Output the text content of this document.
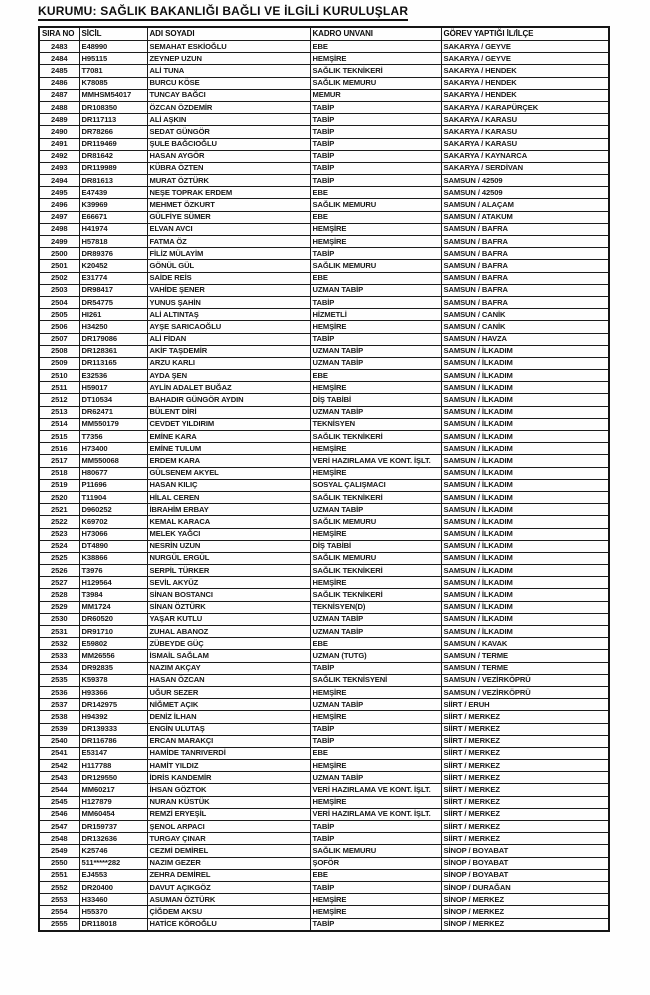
KURUMU: SAĞLIK BAKANLIĞI BAĞLI VE İLGİLİ KURULUŞLAR
SIRA NO	SİCİL	ADI SOYADI	KADRO UNVANI	GÖREV YAPTIĞI İL/İLÇE
2483	E48990	SEMAHAT ESKİOĞLU	EBE	SAKARYA / GEYVE
2484	H95115	ZEYNEP UZUN	HEMŞİRE	SAKARYA / GEYVE
2485	T7081	ALİ TUNA	SAĞLIK TEKNİKERİ	SAKARYA / HENDEK
2486	K78085	BURCU KÖSE	SAĞLIK MEMURU	SAKARYA / HENDEK
2487	MMHSM54017	TUNCAY BAĞCI	MEMUR	SAKARYA / HENDEK
2488	DR108350	ÖZCAN ÖZDEMİR	TABİP	SAKARYA / KARAPÜRÇEK
2489	DR117113	ALİ AŞKIN	TABİP	SAKARYA / KARASU
2490	DR78266	SEDAT GÜNGÖR	TABİP	SAKARYA / KARASU
2491	DR119469	ŞULE BAĞCIOĞLU	TABİP	SAKARYA / KARASU
2492	DR81642	HASAN AYGÖR	TABİP	SAKARYA / KAYNARCA
2493	DR119989	KÜBRA ÖZTEN	TABİP	SAKARYA / SERDİVAN
2494	DR81613	MURAT ÖZTÜRK	TABİP	SAMSUN / 42509
2495	E47439	NEŞE TOPRAK ERDEM	EBE	SAMSUN / 42509
2496	K39969	MEHMET ÖZKURT	SAĞLIK MEMURU	SAMSUN / ALAÇAM
2497	E66671	GÜLFİYE SÜMER	EBE	SAMSUN / ATAKUM
2498	H41974	ELVAN AVCI	HEMŞİRE	SAMSUN / BAFRA
2499	H57818	FATMA ÖZ	HEMŞİRE	SAMSUN / BAFRA
2500	DR89376	FİLİZ MÜLAYİM	TABİP	SAMSUN / BAFRA
2501	K20452	GÖNÜL GÜL	SAĞLIK MEMURU	SAMSUN / BAFRA
2502	E31774	SAİDE REİS	EBE	SAMSUN / BAFRA
2503	DR98417	VAHİDE ŞENER	UZMAN TABİP	SAMSUN / BAFRA
2504	DR54775	YUNUS ŞAHİN	TABİP	SAMSUN / BAFRA
2505	HI261	ALİ ALTINTAŞ	HİZMETLİ	SAMSUN / CANİK
2506	H34250	AYŞE SARICAOĞLU	HEMŞİRE	SAMSUN / CANİK
2507	DR179086	ALİ FİDAN	TABİP	SAMSUN / HAVZA
2508	DR128361	AKİF TAŞDEMİR	UZMAN TABİP	SAMSUN / İLKADIM
2509	DR113165	ARZU KARLI	UZMAN TABİP	SAMSUN / İLKADIM
2510	E32536	AYDA ŞEN	EBE	SAMSUN / İLKADIM
2511	H59017	AYLİN ADALET BUĞAZ	HEMŞİRE	SAMSUN / İLKADIM
2512	DT10534	BAHADIR GÜNGÖR AYDIN	DİŞ TABİBİ	SAMSUN / İLKADIM
2513	DR62471	BÜLENT DİRİ	UZMAN TABİP	SAMSUN / İLKADIM
2514	MM550179	CEVDET YILDIRIM	TEKNİSYEN	SAMSUN / İLKADIM
2515	T7356	EMİNE KARA	SAĞLIK TEKNİKERİ	SAMSUN / İLKADIM
2516	H73400	EMİNE TULUM	HEMŞİRE	SAMSUN / İLKADIM
2517	MM550068	ERDEM KARA	VERİ HAZIRLAMA VE KONT. İŞLT.	SAMSUN / İLKADIM
2518	H80677	GÜLSENEM AKYEL	HEMŞİRE	SAMSUN / İLKADIM
2519	P11696	HASAN KILIÇ	SOSYAL ÇALIŞMACI	SAMSUN / İLKADIM
2520	T11904	HİLAL CEREN	SAĞLIK TEKNİKERİ	SAMSUN / İLKADIM
2521	D960252	İBRAHİM ERBAY	UZMAN TABİP	SAMSUN / İLKADIM
2522	K69702	KEMAL KARACA	SAĞLIK MEMURU	SAMSUN / İLKADIM
2523	H73066	MELEK YAĞCI	HEMŞİRE	SAMSUN / İLKADIM
2524	DT4890	NESRİN UZUN	DİŞ TABİBİ	SAMSUN / İLKADIM
2525	K38866	NURGÜL ERGÜL	SAĞLIK MEMURU	SAMSUN / İLKADIM
2526	T3976	SERPİL TÜRKER	SAĞLIK TEKNİKERİ	SAMSUN / İLKADIM
2527	H129564	SEVİL AKYÜZ	HEMŞİRE	SAMSUN / İLKADIM
2528	T3984	SİNAN BOSTANCI	SAĞLIK TEKNİKERİ	SAMSUN / İLKADIM
2529	MM1724	SİNAN ÖZTÜRK	TEKNİSYEN(D)	SAMSUN / İLKADIM
2530	DR60520	YAŞAR KUTLU	UZMAN TABİP	SAMSUN / İLKADIM
2531	DR91710	ZUHAL ABANOZ	UZMAN TABİP	SAMSUN / İLKADIM
2532	E59802	ZÜBEYDE GÜÇ	EBE	SAMSUN / KAVAK
2533	MM26556	İSMAİL SAĞLAM	UZMAN (TUTG)	SAMSUN / TERME
2534	DR92835	NAZIM AKÇAY	TABİP	SAMSUN / TERME
2535	K59378	HASAN ÖZCAN	SAĞLIK TEKNİSYENİ	SAMSUN / VEZİRKÖPRÜ
2536	H93366	UĞUR SEZER	HEMŞİRE	SAMSUN / VEZİRKÖPRÜ
2537	DR142975	NİĞMET AÇIK	UZMAN TABİP	SİİRT / ERUH
2538	H94392	DENİZ İLHAN	HEMŞİRE	SİİRT / MERKEZ
2539	DR139333	ENGİN ULUTAŞ	TABİP	SİİRT / MERKEZ
2540	DR116786	ERCAN MARAKÇI	TABİP	SİİRT / MERKEZ
2541	E53147	HAMİDE TANRIVERDİ	EBE	SİİRT / MERKEZ
2542	H117788	HAMİT YILDIZ	HEMŞİRE	SİİRT / MERKEZ
2543	DR129550	İDRİS KANDEMİR	UZMAN TABİP	SİİRT / MERKEZ
2544	MM60217	İHSAN GÖZTOK	VERİ HAZIRLAMA VE KONT. İŞLT.	SİİRT / MERKEZ
2545	H127879	NURAN KÜSTÜK	HEMŞİRE	SİİRT / MERKEZ
2546	MM60454	REMZİ ERYEŞİL	VERİ HAZIRLAMA VE KONT. İŞLT.	SİİRT / MERKEZ
2547	DR159737	ŞENOL ARPACI	TABİP	SİİRT / MERKEZ
2548	DR132636	TURGAY ÇINAR	TABİP	SİİRT / MERKEZ
2549	K25746	CEZMİ DEMİREL	SAĞLIK MEMURU	SİNOP / BOYABAT
2550	511*****282	NAZIM GEZER	ŞOFÖR	SİNOP / BOYABAT
2551	EJ4553	ZEHRA DEMİREL	EBE	SİNOP / BOYABAT
2552	DR20400	DAVUT AÇIKGÖZ	TABİP	SİNOP / DURAĞAN
2553	H33460	ASUMAN ÖZTÜRK	HEMŞİRE	SİNOP / MERKEZ
2554	H55370	ÇİĞDEM AKSU	HEMŞİRE	SİNOP / MERKEZ
2555	DR118018	HATİCE KÖROĞLU	TABİP	SİNOP / MERKEZ
